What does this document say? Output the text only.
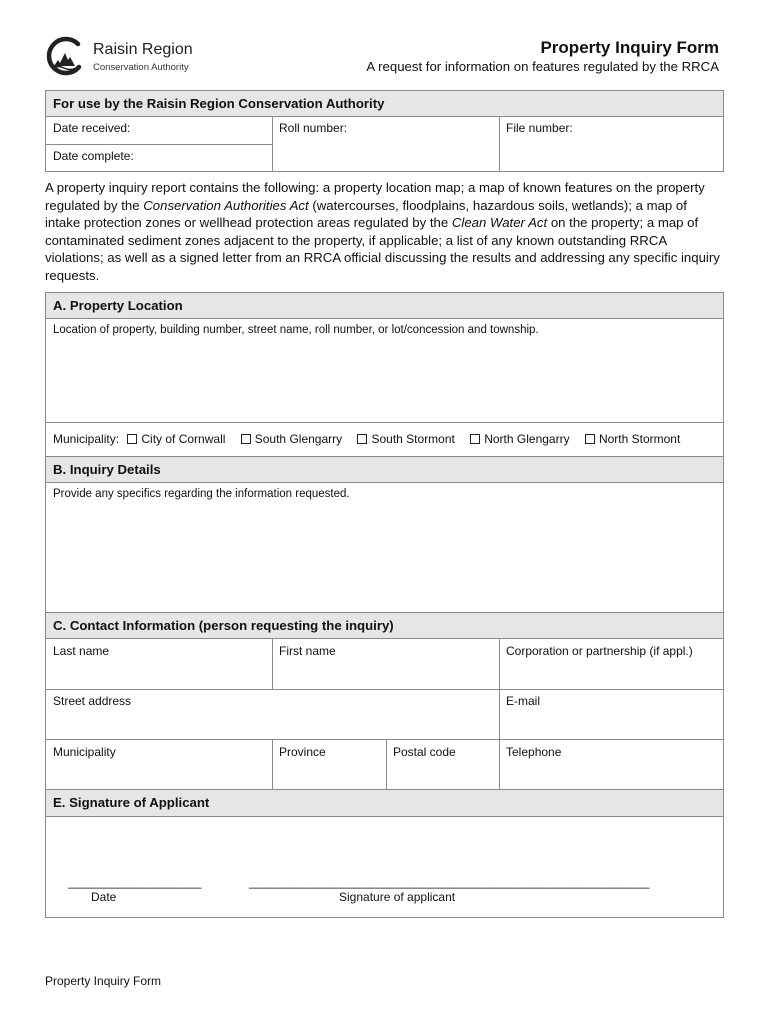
Raisin Region
Conservation Authority
Property Inquiry Form
A request for information on features regulated by the RRCA
For use by the Raisin Region Conservation Authority
Date received:	Roll number:	File number:
Date complete:
A property inquiry report contains the following: a property location map; a map of known features on the property regulated by the Conservation Authorities Act (watercourses, floodplains, hazardous soils, wetlands); a map of intake protection zones or wellhead protection areas regulated by the Clean Water Act on the property; a map of contaminated sediment zones adjacent to the property, if applicable; a list of any known outstanding RRCA violations; as well as a signed letter from an RRCA official discussing the results and addressing any specific inquiry requests.
A. Property Location
Location of property, building number, street name, roll number, or lot/concession and township.
Municipality: City of Cornwall South Glengarry South Stormont North Glengarry North Stormont
B. Inquiry Details
Provide any specifics regarding the information requested.
C. Contact Information (person requesting the inquiry)
Last name	First name	Corporation or partnership (if appl.)
Street address	E-mail
Municipality	Province	Postal code	Telephone
E. Signature of Applicant
____________________	____________________________________________________________
Date	Signature of applicant
Property Inquiry Form
